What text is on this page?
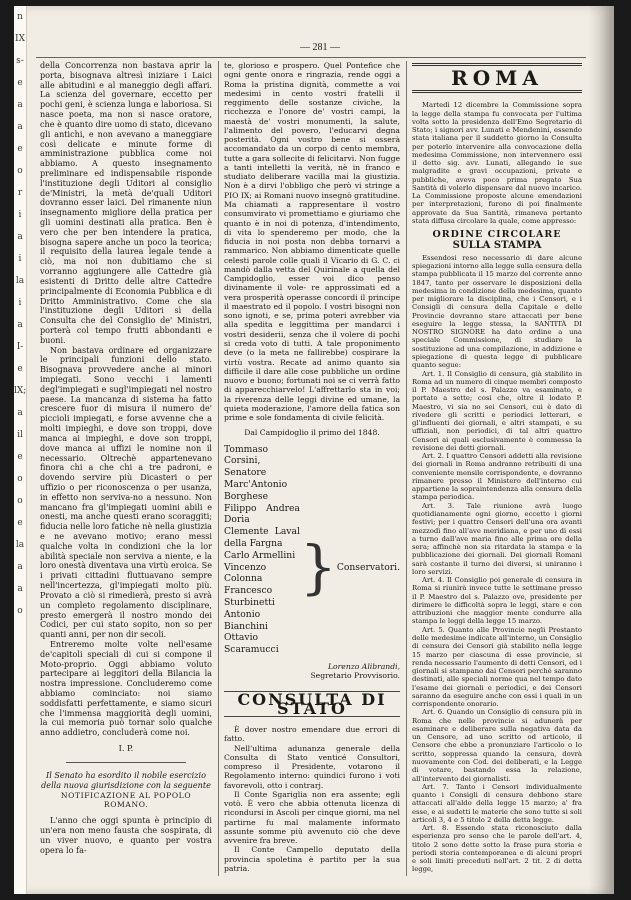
n
IX
s-
e
a
a
e
o
r
i
a
i
la
i
a
I-
e
lX;
a
il
e
o
o
e
la
a
a
o
— 281 —

della Concorrenza non bastava aprir la porta, bisognava altresì iniziare i Laici alle abitudini e al maneggio degli affari. La scienza del governare, eccetto per pochi geni, è scienza lunga e laboriosa. Si nasce poeta, ma non si nasce oratore, che è quanto dire uomo di stato, dicevano gli antichi, e non avevano a maneggiare così delicate e minute forme di amministrazione pubblica come noi abbiamo. A questo insegnamento preliminare ed indispensabile risponde l'instituzione degli Uditori al consiglio de'Ministri, la metà de'quali Uditori dovranno esser laici. Del rimanente niun insegnamento migliore della pratica per gli uomini destinati alla pratica. Ben è vero che per ben intendere la pratica, bisogna sapere anche un poco la teorica; il requisito della laurea legale tende a ciò, ma noi non dubitiamo che si vorranno aggiungere alle Cattedre già esistenti di Dritto delle altre Cattedre principalmente di Economia Pubblica e di Dritto Amministrativo. Come che sia l'instituzione degli Uditori sì della Consulta che del Consiglio de' Ministri, porterà col tempo frutti abbondanti e buoni.

Non bastava ordinare ed organizzare le principali funzioni dello stato. Bisognava provvedere anche ai minori impiegati. Sono vecchi i lamenti degl'impiegati e sugl'impiegati nel nostro paese. La mancanza di sistema ha fatto crescere fuor di misura il numero de' piccioli impiegati, e forse avvenne che a molti impieghi, e dove son troppi, dove manca ai impieghi, e dove son troppi, dove manca ai uffizi le nomine non il necessario. Oltrechè appartenevano finora chi a che chi a tre padroni, e dovendo servire più Dicasteri o per uffizio o per riconoscenza o per usanza, in effetto non serviva-no a nessuno. Non mancano fra gl'impiegati uomini abili e onesti, ma anche questi erano scoraggiti; fiducia nelle loro fatiche nè nella giustizia e ne avevano motivo; erano messi qualche volta in condizioni che la lor abilità speciale non serviva a niente, e la loro onestà diventava una virtù eroica. Se i privati cittadini fluttuavano sempre nell'incertezza, gl'impiegati molto più. Provato a ciò si rimedierà, presto si avrà un completo regolamento disciplinare, presto emergerà il nostro mondo dei Codici, per cui stato sopito, non so per quanti anni, per non dir secoli.

Entreremo molte volte nell'esame de'capitoli speciali di cui si compone il Moto-proprio. Oggi abbiamo voluto partecipare ai leggitori della Bilancia la nostra impressione. Concluderemo come abbiamo cominciato: noi siamo soddisfatti perfettamente, e siamo sicuri che l'immensa maggiorità degli uomini, la cui memoria può tornar solo qualche anno addietro, concluderà come noi.

I. P.

Il Senato ha esordito il nobile esercizio

della nuova giurisdizione con la seguente

NOTIFICAZIONE AL POPOLO ROMANO.

L'anno che oggi spunta è principio di un'era non meno fausta che sospirata, di un viver nuovo, e quanto per vostra opera lo fa-

te, glorioso e prospero. Quel Pontefice che ogni gente onora e ringrazia, rende oggi a Roma la pristina dignità, commette a voi medesimi in cento vostri fratelli il reggimento delle sostanze civiche, la ricchezza e l'onore de' vostri campi, la maestà de' vostri monumenti, la salute, l'alimento del povero, l'educarvi degna posterità. Ogni vostro bene si osserà accomandato da un corpo di cento membra, tutte a gara sollecite di felicitarvi. Non fugge a tanti intelletti la verità, nè in franco e studiato deliberare vacilla mai la giustizia. Non è a dirvi l'obbligo che però vi stringe a PIO IX; ai Romani nuovo insegnò gratitudine. Ma chiamati a rappresentare il vostro consumvirato vi promettiamo e giuriamo che quanto è in noi di potenza, d'intendimento, di vita lo spenderemo per modo, che la fiducia in noi posta non debba tornarvi a rammarico. Non abbiamo dimenticate quelle celesti parole colle quali il Vicario di G. C. ci mandò dalla vetta del Quirinale a quella del Campidoglio, esser voi dico penso divinamente il vole- re approssimati ed a vera prosperità operasse concordi il principe il maestrato ed il popolo. I vostri bisogni non sono ignoti, e se, prima poteri avrebber via alla spedita e leggittima per mandarci i vostri desiderii, senza che il volere di pochi si creda voto di tutti. A tale proponimento deve (o la meta ne fallirebbe) cospirare la virtù vostra. Recate ad animo quanto sia difficile il dare alle cose pubbliche un ordine nuovo e buono; fortunati noi se ci verrà fatto di apparecchiarvelo! L'affrettarlo sta in voi; la riverenza delle leggi divine ed umane, la quieta moderazione, l'amore della fatica son prime e sole fondamenta di civile felicità.

Dal Campidoglio il primo del 1848.

Tommaso Corsini, Senatore		
Marc'Antonio Borghese	}	Conservatori.
Filippo Andrea Doria		
Clemente Laval della Fargna		
Carlo Armellini		
Vincenzo Colonna		
Francesco Sturbinetti		
Antonio Bianchini		
Ottavio Scaramucci		

Lorenzo Alibrandi,

Segretario Provvisorio.

CONSULTA DI STATO

È dover nostro emendare due errori di fatto.

Nell'ultima adunanza generale della Consulta di Stato venticé Consultori, compreso il Presidente, votarono il Regolamento interno: quindici furono i voti favorevoli, otto i contrarj.

Il Conte Sgariglia non era assente; egli votò. È vero che abbia ottenuta licenza di ricondursi in Ascoli per cinque giorni, ma nel partirne fu mal malamente informato assunte somme più avvenuto ciò che deve avvenire fra breve.

Il Conte Campello deputato della provincia spoletina è partito per la sua patria.

ROMA

Martedì 12 dicembre la Commissione sopra la legge della stampa fu convocata per l'ultima volta sotto la presidenza dell'Emo Segretario di Stato; i signori avv. Lunati e Mendenini, essendo stata italiana per il suddetto giorno la Consulta per poterlo intervenire alla convocazione della medesima Commissione, non intervennero essi il detto sig. avv. Lunati, allegando le sue malgradite e gravi occupazioni, private e pubbliche, aveva poco prima pregato Sua Santità di volerlo dispensare dal nuovo incarico. La Commissione proposte alcune emendazioni per interpretazioni, furono di poi finalmente approvate da Sua Santità, rimaneva pertanto stata diffusa circolare la quale, come appresso:

ORDINE CIRCOLARE
SULLA STAMPA

Essendosi reso necessario di dare alcune spiegazioni intorno alla legge sulla censura della stampa pubblicata il 15 marzo del corrente anno 1847, tanto per osservare le disposizioni della medesima in condizione della medesima, quanto per migliorare la disciplina, che i Censori, e i Consigli di censura della Capitale e delle Provincie dovranno stare attaccati per bene eseguire la legge stessa, la SANTITÀ DI NOSTRO SIGNORE ha dato ordine a una speciale Commissione, di studiare la sostituzione ad una compilazione, in addizione e spiegazione di questa legge di pubblicare quanto segue:

Art. 1. Il Consiglio di censura, già stabilito in Roma ad un numero di cinque membri composto il P. Maestro del s. Palazzo va esaminato, e portato a sette; cosi che, oltre il lodato P. Maestro, vi sia no sei Censori, cui è dato di rivedere gli scritti e periodici letterari, e gl'influenti dei giornali, e altri stampati, e su uffiziali, non periodici, di tal altri quattro Censori ai quali esclusivamente è commessa la revisione dei detti giornali.

Art. 2. I quattro Censori addetti alla revisione dei giornali in Roma andranno retribuiti di una conveniente mensile corrispondente, e dovranno rimanere presso il Ministero dell'interno cui appartiene la sopraintendenza alla censura della stampa periodica.

Art. 3. Tale riunione avrà luogo quotidianamente ogni giorno, eccetto i giorni festivi; per i quattro Censori dell'una ora avanti mezzodì fino all'ave meridiana, e per uno di essi a turno dall'ave maria fino alle prima ore della sera; affinchè non sia ritardata la stampa e la pubblicazione dei giornali. Dei giornali Romani sarà costante il turno dei diversi, si uniranno i loro servizi.

Art. 4. Il Consiglio poi generale di censura in Roma si riunirà invece tutte le settimane presso il P. Maestro del s. Palazzo ove, presidente per dirimere le difficoltà sopra le leggi, stare e con attribuzioni che maggior mente condurre alla stampa le leggi della legge 15 marzo.

Art. 5. Quanto alle Provincie negli Prestanto delle medesime indicate all'interno, un Consiglio di censura dei Censori già stabilito nella legge 15 marzo per ciascuna di esse provincie, si renda necessario l'aumento di detti Censori, ed i giornali si stampano dai Censori perché saranno destinati, alle speciali norme qua nel tempo dato l'esame dei giornali e periodici, e dei Censori saranno da eseguire anche con essi i quali in un corrispondente onorario.

Art. 6. Quando un Consiglio di censura più in Roma che nelle provincie si adunerà per esaminare e deliberare sulla negativa data da un Censore, ad uno scritto od articolo, il Censore che ebbe a pronunziare l'articolo o lo scritto, soppressa quando la censura, dovrà nuovamente con Cod. dei deliberati, e la Legge di votare, bastando essa la relazione, all'intervento dei giornalisti.

Art. 7. Tanto i Censori individualmente quanto i Consigli di censura debbono stare attaccati all'aldo della legge 15 marzo; a' fra esse, e ai sudetti le materie che sono tutte si soli articoli 3, 4 e 5 titolo 2 della detta legge.

Art. 8. Essendo stata riconosciuto dalla esperienza pro senso che le parole dell'art. 4, titolo 2 sono dette sotto la frase pura storia e periodi storia contemporanea e di alcuni propri e soli limiti preceduti nell'art. 2 tit. 2 di detta legge,
